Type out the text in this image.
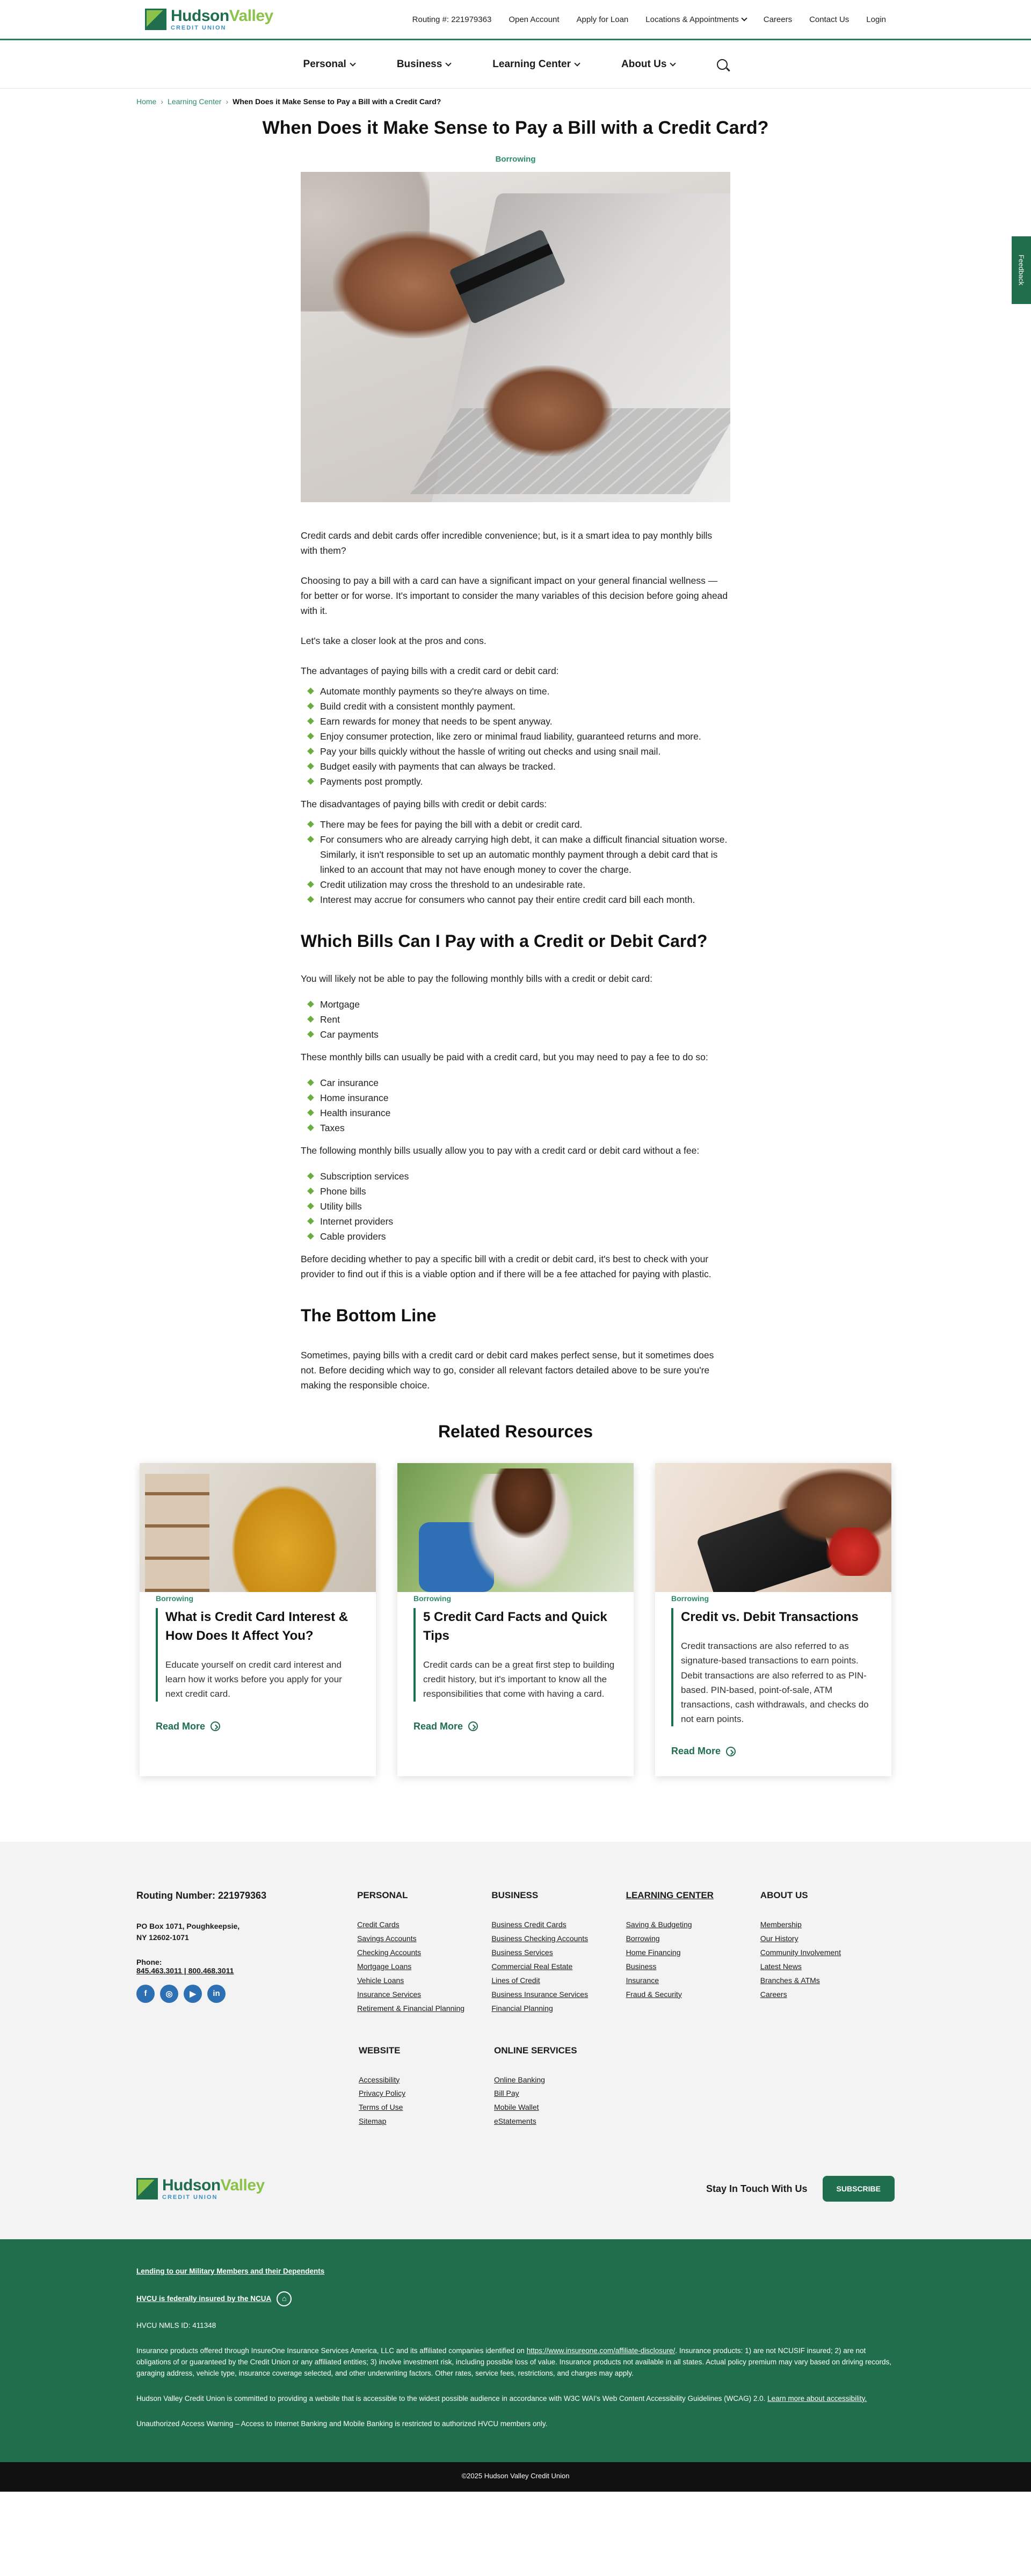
HudsonValley
CREDIT UNION
Routing #: 221979363 Open Account Apply for Loan Locations & Appointments	Careers Contact Us Login
Personal	Business	Learning Center	About Us
Feedback
Home › Learning Center › When Does it Make Sense to Pay a Bill with a Credit Card?
When Does it Make Sense to Pay a Bill with a Credit Card?
Borrowing

Credit cards and debit cards offer incredible convenience; but, is it a smart idea to pay monthly bills with them?

Choosing to pay a bill with a card can have a significant impact on your general financial wellness — for better or for worse. It's important to consider the many variables of this decision before going ahead with it.

Let's take a closer look at the pros and cons.

The advantages of paying bills with a credit card or debit card:

Automate monthly payments so they're always on time.
Build credit with a consistent monthly payment.
Earn rewards for money that needs to be spent anyway.
Enjoy consumer protection, like zero or minimal fraud liability, guaranteed returns and more.
Pay your bills quickly without the hassle of writing out checks and using snail mail.
Budget easily with payments that can always be tracked.
Payments post promptly.

The disadvantages of paying bills with credit or debit cards:

There may be fees for paying the bill with a debit or credit card.
For consumers who are already carrying high debt, it can make a difficult financial situation worse. Similarly, it isn't responsible to set up an automatic monthly payment through a debit card that is linked to an account that may not have enough money to cover the charge.
Credit utilization may cross the threshold to an undesirable rate.
Interest may accrue for consumers who cannot pay their entire credit card bill each month.
Which Bills Can I Pay with a Credit or Debit Card?

You will likely not be able to pay the following monthly bills with a credit or debit card:

Mortgage
Rent
Car payments

These monthly bills can usually be paid with a credit card, but you may need to pay a fee to do so:

Car insurance
Home insurance
Health insurance
Taxes

The following monthly bills usually allow you to pay with a credit card or debit card without a fee:

Subscription services
Phone bills
Utility bills
Internet providers
Cable providers

Before deciding whether to pay a specific bill with a credit or debit card, it's best to check with your provider to find out if this is a viable option and if there will be a fee attached for paying with plastic.

The Bottom Line

Sometimes, paying bills with a credit card or debit card makes perfect sense, but it sometimes does not. Before deciding which way to go, consider all relevant factors detailed above to be sure you're making the responsible choice.

Related Resources
Borrowing
What is Credit Card Interest & How Does It Affect You?
Educate yourself on credit card interest and learn how it works before you apply for your next credit card.
Read More
Borrowing
5 Credit Card Facts and Quick Tips
Credit cards can be a great first step to building credit history, but it's important to know all the responsibilities that come with having a card.
Read More
Borrowing
Credit vs. Debit Transactions
Credit transactions are also referred to as signature-based transactions to earn points. Debit transactions are also referred to as PIN-based. PIN-based, point-of-sale, ATM transactions, cash withdrawals, and checks do not earn points.
Read More
Routing Number: 221979363
PO Box 1071, Poughkeepsie,
NY 12602-1071
Phone:
845.463.3011 | 800.468.3011
f	◎	▶	in
PERSONAL
Credit Cards
Savings Accounts
Checking Accounts
Mortgage Loans
Vehicle Loans
Insurance Services
Retirement & Financial Planning
BUSINESS
Business Credit Cards
Business Checking Accounts
Business Services
Commercial Real Estate
Lines of Credit
Business Insurance Services
Financial Planning
LEARNING CENTER
Saving & Budgeting
Borrowing
Home Financing
Business
Insurance
Fraud & Security
ABOUT US
Membership
Our History
Community Involvement
Latest News
Branches & ATMs
Careers
WEBSITE
Accessibility
Privacy Policy
Terms of Use
Sitemap
ONLINE SERVICES
Online Banking
Bill Pay
Mobile Wallet
eStatements
HudsonValley
CREDIT UNION
Stay In Touch With Us	SUBSCRIBE

Lending to our Military Members and their Dependents

HVCU is federally insured by the NCUA	⌂

HVCU NMLS ID: 411348

Insurance products offered through InsureOne Insurance Services America, LLC and its affiliated companies identified on https://www.insureone.com/affiliate-disclosure/. Insurance products: 1) are not NCUSIF insured; 2) are not obligations of or guaranteed by the Credit Union or any affiliated entities; 3) involve investment risk, including possible loss of value. Insurance products not available in all states. Actual policy premium may vary based on driving records, garaging address, vehicle type, insurance coverage selected, and other underwriting factors. Other rates, service fees, restrictions, and charges may apply.

Hudson Valley Credit Union is committed to providing a website that is accessible to the widest possible audience in accordance with W3C WAI's Web Content Accessibility Guidelines (WCAG) 2.0. Learn more about accessibility.

Unauthorized Access Warning – Access to Internet Banking and Mobile Banking is restricted to authorized HVCU members only.

©2025 Hudson Valley Credit Union
